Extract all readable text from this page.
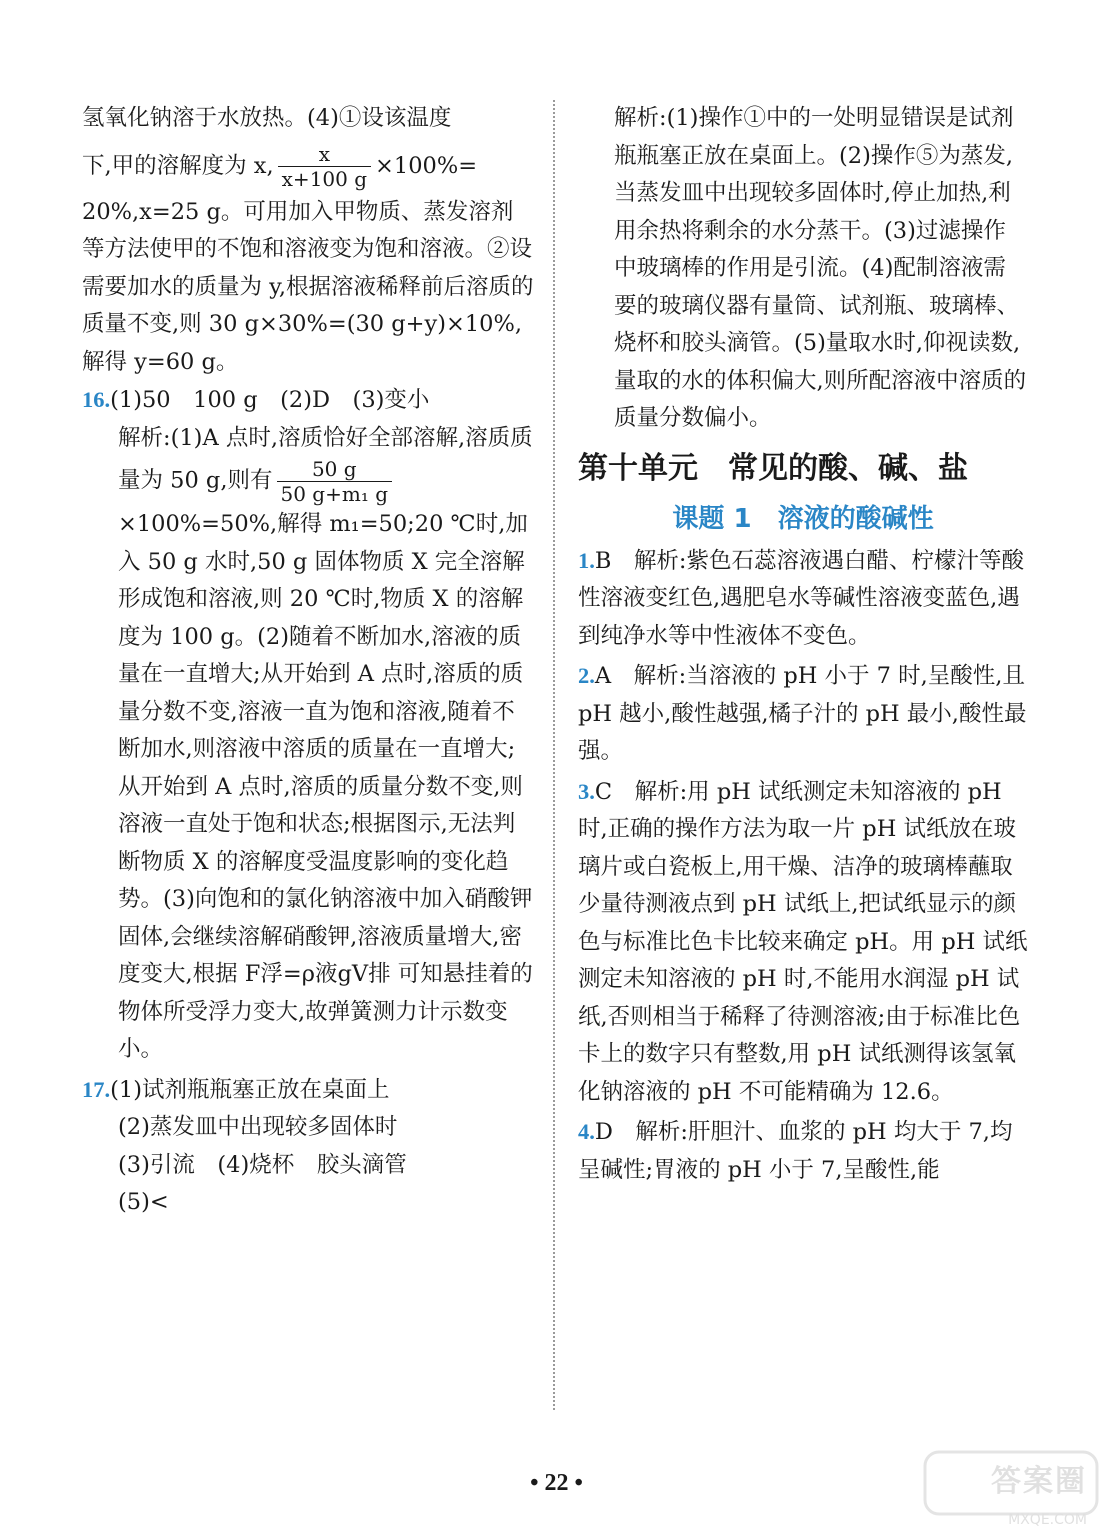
氢氧化钠溶于水放热。(4)①设该温度

下,甲的溶解度为 x, $\frac{x}{x+100 g} \times 100\%=$

20%,x=25 g。可用加入甲物质、蒸发溶剂等方法使甲的不饱和溶液变为饱和溶液。②设需要加水的质量为 y,根据溶液稀释前后溶质的质量不变,则 30 g×30%=(30 g+y)×10%,解得 y=60 g。

16.(1)50　100 g　(2)D　(3)变小

解析:(1)A 点时,溶质恰好全部溶解,溶质质量为 50 g,则有 $\frac{50 g}{\text{50 g+m₁ g}}$
×100%=50%,解得 m₁=50;20 ℃时,加入 50 g 水时,50 g 固体物质 X 完全溶解形成饱和溶液,则 20 ℃时,物质 X 的溶解度为 100 g。(2)随着不断加水,溶液的质量在一直增大;从开始到 A 点时,溶质的质量分数不变,溶液一直为饱和溶液,随着不断加水,则溶液中溶质的质量在一直增大;从开始到 A 点时,溶质的质量分数不变,则溶液一直处于饱和状态;根据图示,无法判断物质 X 的溶解度受温度影响的变化趋势。(3)向饱和的氯化钠溶液中加入硝酸钾固体,会继续溶解硝酸钾,溶液质量增大,密度变大,根据 F浮=ρ液gV排 可知悬挂着的物体所受浮力变大,故弹簧测力计示数变小。

17.(1)试剂瓶瓶塞正放在桌面上

(2)蒸发皿中出现较多固体时

(3)引流　(4)烧杯　胶头滴管

(5)<

解析:(1)操作①中的一处明显错误是试剂瓶瓶塞正放在桌面上。(2)操作⑤为蒸发,当蒸发皿中出现较多固体时,停止加热,利用余热将剩余的水分蒸干。(3)过滤操作中玻璃棒的作用是引流。(4)配制溶液需要的玻璃仪器有量筒、试剂瓶、玻璃棒、烧杯和胶头滴管。(5)量取水时,仰视读数,量取的水的体积偏大,则所配溶液中溶质的质量分数偏小。

第十单元　常见的酸、碱、盐
课题 1　溶液的酸碱性

1.B　解析:紫色石蕊溶液遇白醋、柠檬汁等酸性溶液变红色,遇肥皂水等碱性溶液变蓝色,遇到纯净水等中性液体不变色。

2.A　解析:当溶液的 pH 小于 7 时,呈酸性,且 pH 越小,酸性越强,橘子汁的 pH 最小,酸性最强。

3.C　解析:用 pH 试纸测定未知溶液的 pH 时,正确的操作方法为取一片 pH 试纸放在玻璃片或白瓷板上,用干燥、洁净的玻璃棒蘸取少量待测液点到 pH 试纸上,把试纸显示的颜色与标准比色卡比较来确定 pH。用 pH 试纸测定未知溶液的 pH 时,不能用水润湿 pH 试纸,否则相当于稀释了待测溶液;由于标准比色卡上的数字只有整数,用 pH 试纸测得该氢氧化钠溶液的 pH 不可能精确为 12.6。

4.D　解析:肝胆汁、血浆的 pH 均大于 7,均呈碱性;胃液的 pH 小于 7,呈酸性,能

• 22 •	答案圈
MXQE.COM
